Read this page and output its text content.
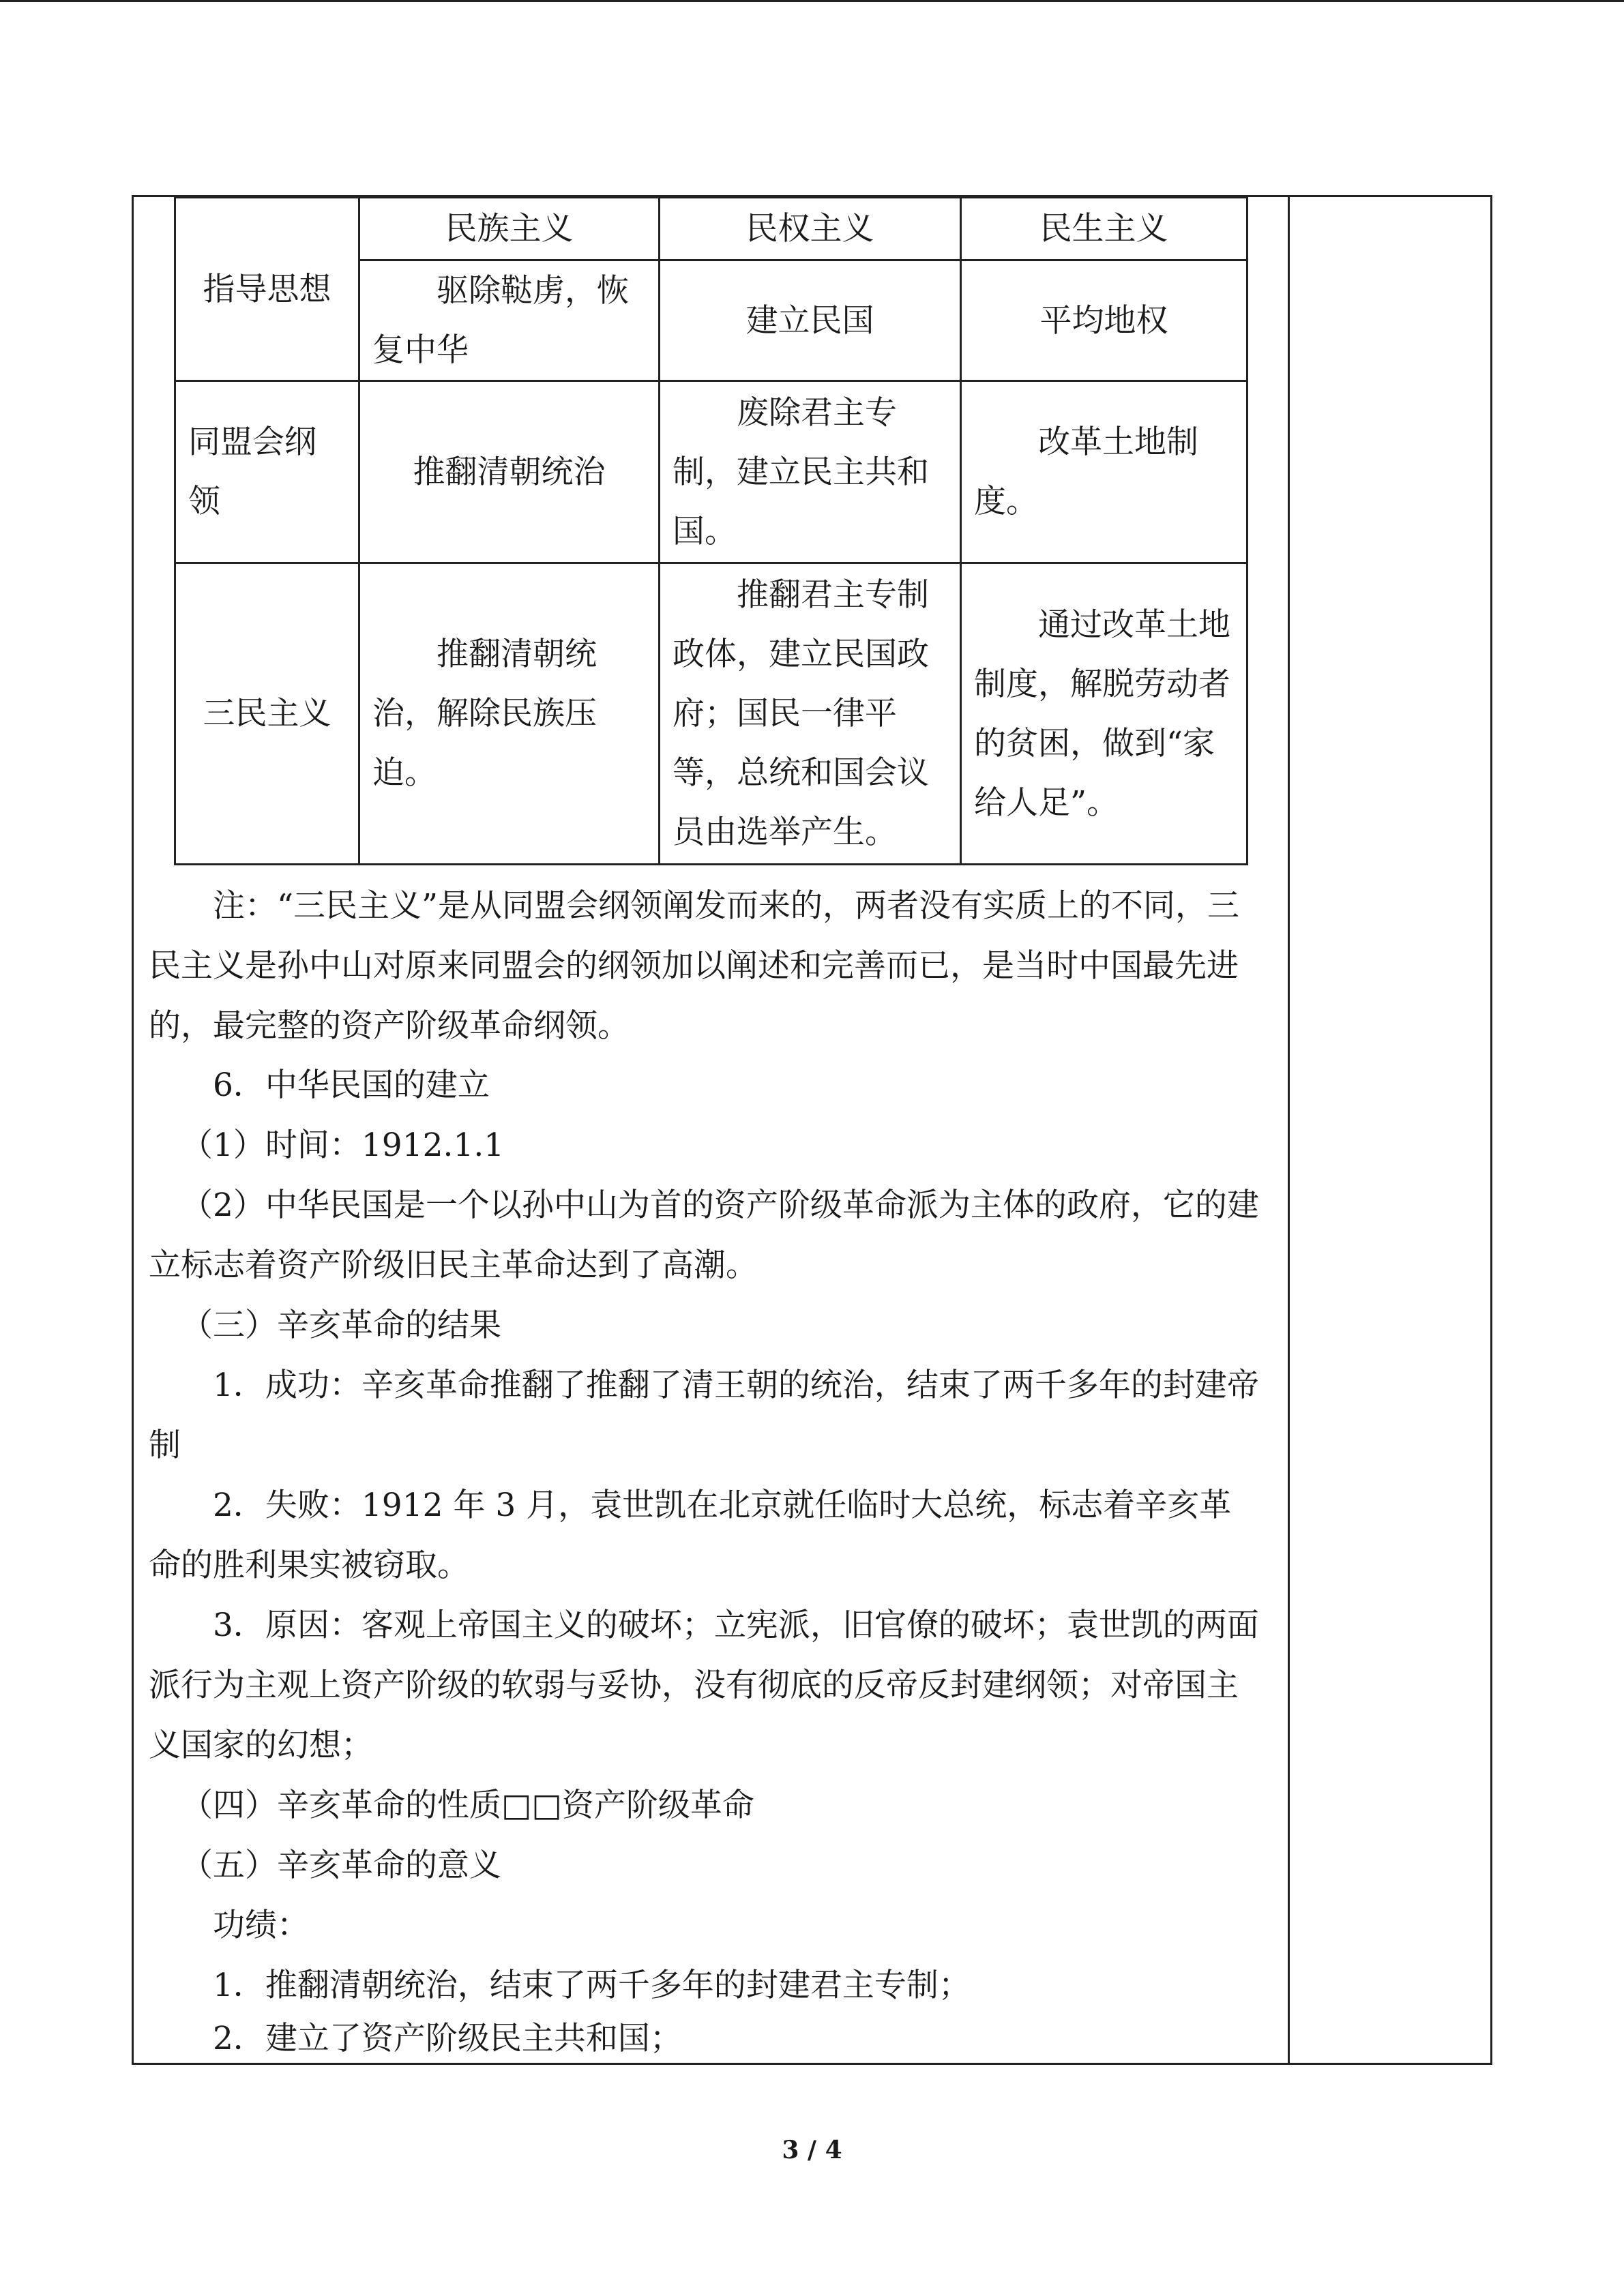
指导思想	民族主义	民权主义	民生主义
	驱除鞑虏，恢复中华	建立民国	平均地权
同盟会纲领	推翻清朝统治	废除君主专制，建立民主共和国。	改革土地制度。
三民主义	推翻清朝统治，解除民族压迫。	推翻君主专制政体，建立民国政府；国民一律平等，总统和国会议员由选举产生。	通过改革土地制度，解脱劳动者的贫困，做到“家给人足”。

注：“三民主义”是从同盟会纲领阐发而来的，两者没有实质上的不同，三民主义是孙中山对原来同盟会的纲领加以阐述和完善而已，是当时中国最先进的，最完整的资产阶级革命纲领。

6．中华民国的建立

（1）时间：1912.1.1

（2）中华民国是一个以孙中山为首的资产阶级革命派为主体的政府，它的建立标志着资产阶级旧民主革命达到了高潮。

（三）辛亥革命的结果

1．成功：辛亥革命推翻了推翻了清王朝的统治，结束了两千多年的封建帝制

2．失败：1912 年 3 月，袁世凯在北京就任临时大总统，标志着辛亥革命的胜利果实被窃取。

3．原因：客观上帝国主义的破坏；立宪派，旧官僚的破坏；袁世凯的两面派行为主观上资产阶级的软弱与妥协，没有彻底的反帝反封建纲领；对帝国主义国家的幻想；

（四）辛亥革命的性质□□资产阶级革命

（五）辛亥革命的意义

功绩：

1．推翻清朝统治，结束了两千多年的封建君主专制；

2．建立了资产阶级民主共和国；

3 / 4
